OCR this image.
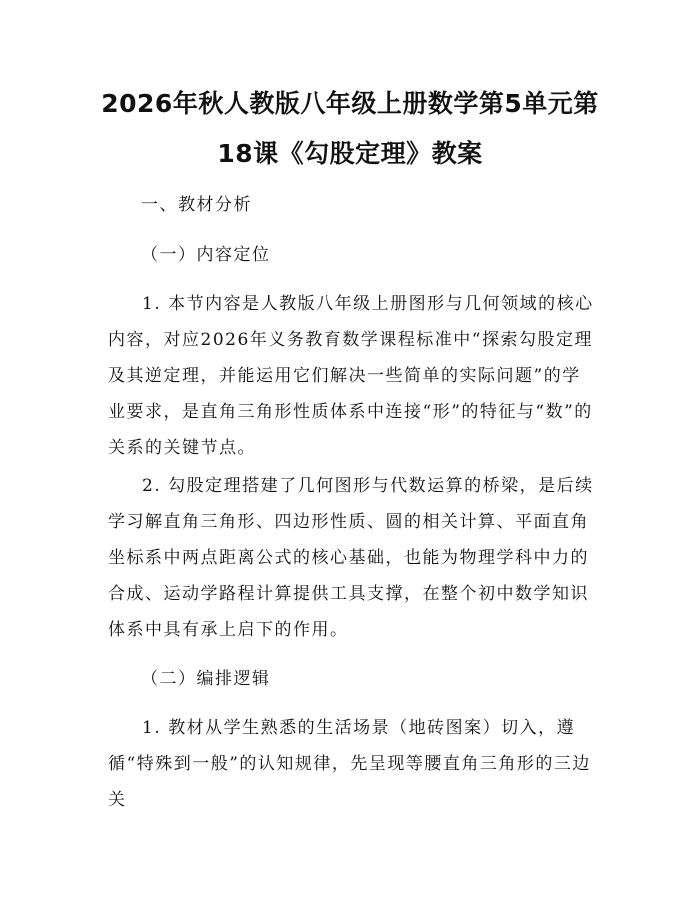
2026年秋人教版八年级上册数学第5单元第
18课《勾股定理》教案

一、教材分析

（一）内容定位

1. 本节内容是人教版八年级上册图形与几何领域的核心内容，对应2026年义务教育数学课程标准中“探索勾股定理及其逆定理，并能运用它们解决一些简单的实际问题”的学业要求，是直角三角形性质体系中连接“形”的特征与“数”的关系的关键节点。

2. 勾股定理搭建了几何图形与代数运算的桥梁，是后续学习解直角三角形、四边形性质、圆的相关计算、平面直角坐标系中两点距离公式的核心基础，也能为物理学科中力的合成、运动学路程计算提供工具支撑，在整个初中数学知识体系中具有承上启下的作用。

（二）编排逻辑

1. 教材从学生熟悉的生活场景（地砖图案）切入，遵循“特殊到一般”的认知规律，先呈现等腰直角三角形的三边关
